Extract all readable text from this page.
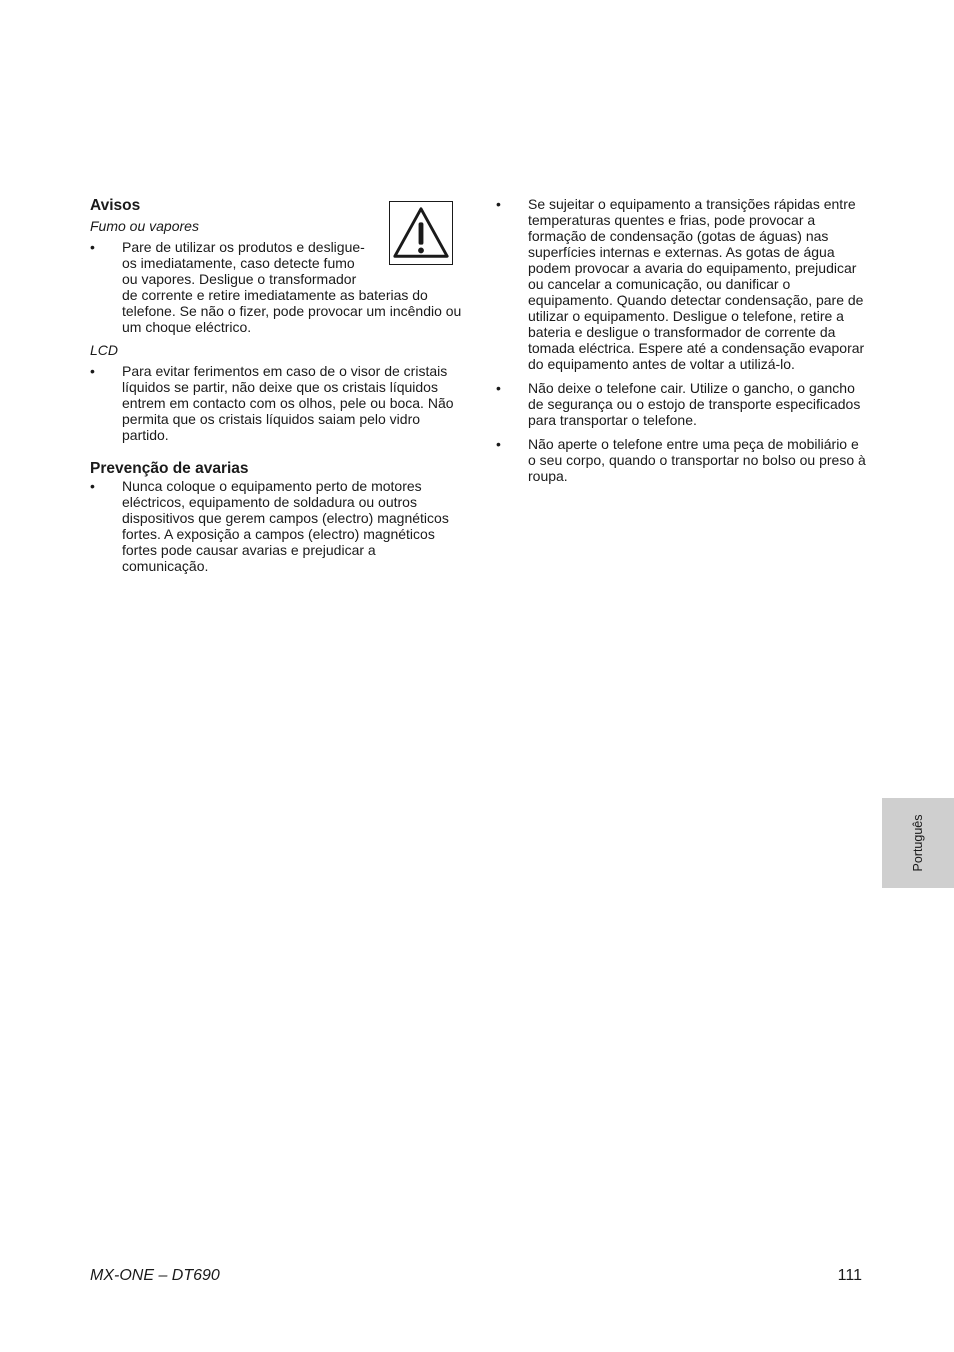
Avisos
Fumo ou vapores
• Pare de utilizar os produtos e desligue-
os imediatamente, caso detecte fumo
ou vapores. Desligue o transformador
de corrente e retire imediatamente as baterias do telefone. Se não o fizer, pode provocar um incêndio ou um choque eléctrico.
LCD
• Para evitar ferimentos em caso de o visor de cristais líquidos se partir, não deixe que os cristais líquidos entrem em contacto com os olhos, pele ou boca. Não permita que os cristais líquidos saiam pelo vidro partido.
Prevenção de avarias
• Nunca coloque o equipamento perto de motores eléctricos, equipamento de soldadura ou outros dispositivos que gerem campos (electro) magnéticos fortes. A exposição a campos (electro) magnéticos fortes pode causar avarias e prejudicar a comunicação.
• Se sujeitar o equipamento a transições rápidas entre temperaturas quentes e frias, pode provocar a formação de condensação (gotas de águas) nas superfícies internas e externas. As gotas de água podem provocar a avaria do equipamento, prejudicar ou cancelar a comunicação, ou danificar o equipamento. Quando detectar condensação, pare de utilizar o equipamento. Desligue o telefone, retire a bateria e desligue o transformador de corrente da tomada eléctrica. Espere até a condensação evaporar do equipamento antes de voltar a utilizá-lo.
• Não deixe o telefone cair. Utilize o gancho, o gancho de segurança ou o estojo de transporte especificados para transportar o telefone.
• Não aperte o telefone entre uma peça de mobiliário e o seu corpo, quando o transportar no bolso ou preso à roupa.
Português
MX-ONE – DT690	111
